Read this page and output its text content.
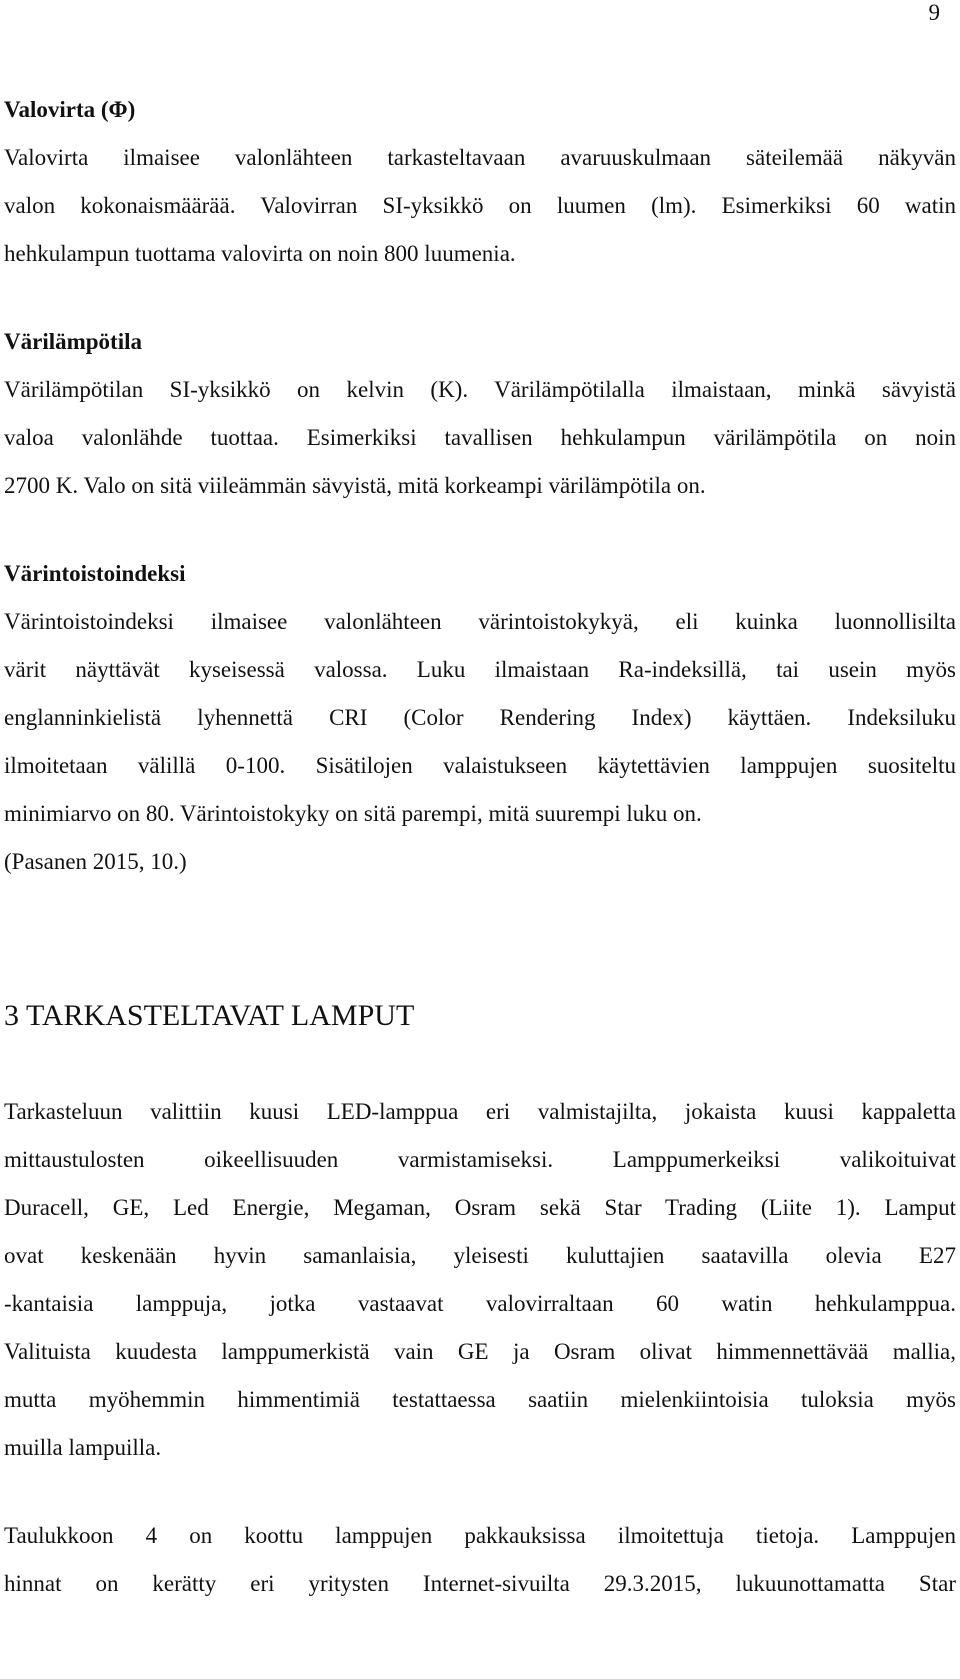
9
Valovirta (Φ)

Valovirta ilmaisee valonlähteen tarkasteltavaan avaruuskulmaan säteilemää näkyvän
valon kokonaismäärää. Valovirran SI-yksikkö on luumen (lm). Esimerkiksi 60 watin
hehkulampun tuottama valovirta on noin 800 luumenia.

Värilämpötila

Värilämpötilan SI-yksikkö on kelvin (K). Värilämpötilalla ilmaistaan, minkä sävyistä
valoa valonlähde tuottaa. Esimerkiksi tavallisen hehkulampun värilämpötila on noin
2700 K. Valo on sitä viileämmän sävyistä, mitä korkeampi värilämpötila on.

Värintoistoindeksi

Värintoistoindeksi ilmaisee valonlähteen värintoistokykyä, eli kuinka luonnollisilta
värit näyttävät kyseisessä valossa. Luku ilmaistaan Ra-indeksillä, tai usein myös
englanninkielistä lyhennettä CRI (Color Rendering Index) käyttäen. Indeksiluku
ilmoitetaan välillä 0-100. Sisätilojen valaistukseen käytettävien lamppujen suositeltu
minimiarvo on 80. Värintoistokyky on sitä parempi, mitä suurempi luku on.
(Pasanen 2015, 10.)

3 TARKASTELTAVAT LAMPUT

Tarkasteluun valittiin kuusi LED-lamppua eri valmistajilta, jokaista kuusi kappaletta
mittaustulosten oikeellisuuden varmistamiseksi. Lamppumerkeiksi valikoituivat
Duracell, GE, Led Energie, Megaman, Osram sekä Star Trading (Liite 1). Lamput
ovat keskenään hyvin samanlaisia, yleisesti kuluttajien saatavilla olevia E27
-kantaisia lamppuja, jotka vastaavat valovirraltaan 60 watin hehkulamppua.
Valituista kuudesta lamppumerkistä vain GE ja Osram olivat himmennettävää mallia,
mutta myöhemmin himmentimiä testattaessa saatiin mielenkiintoisia tuloksia myös
muilla lampuilla.

Taulukkoon 4 on koottu lamppujen pakkauksissa ilmoitettuja tietoja. Lamppujen
hinnat on kerätty eri yritysten Internet-sivuilta 29.3.2015, lukuunottamatta Star
